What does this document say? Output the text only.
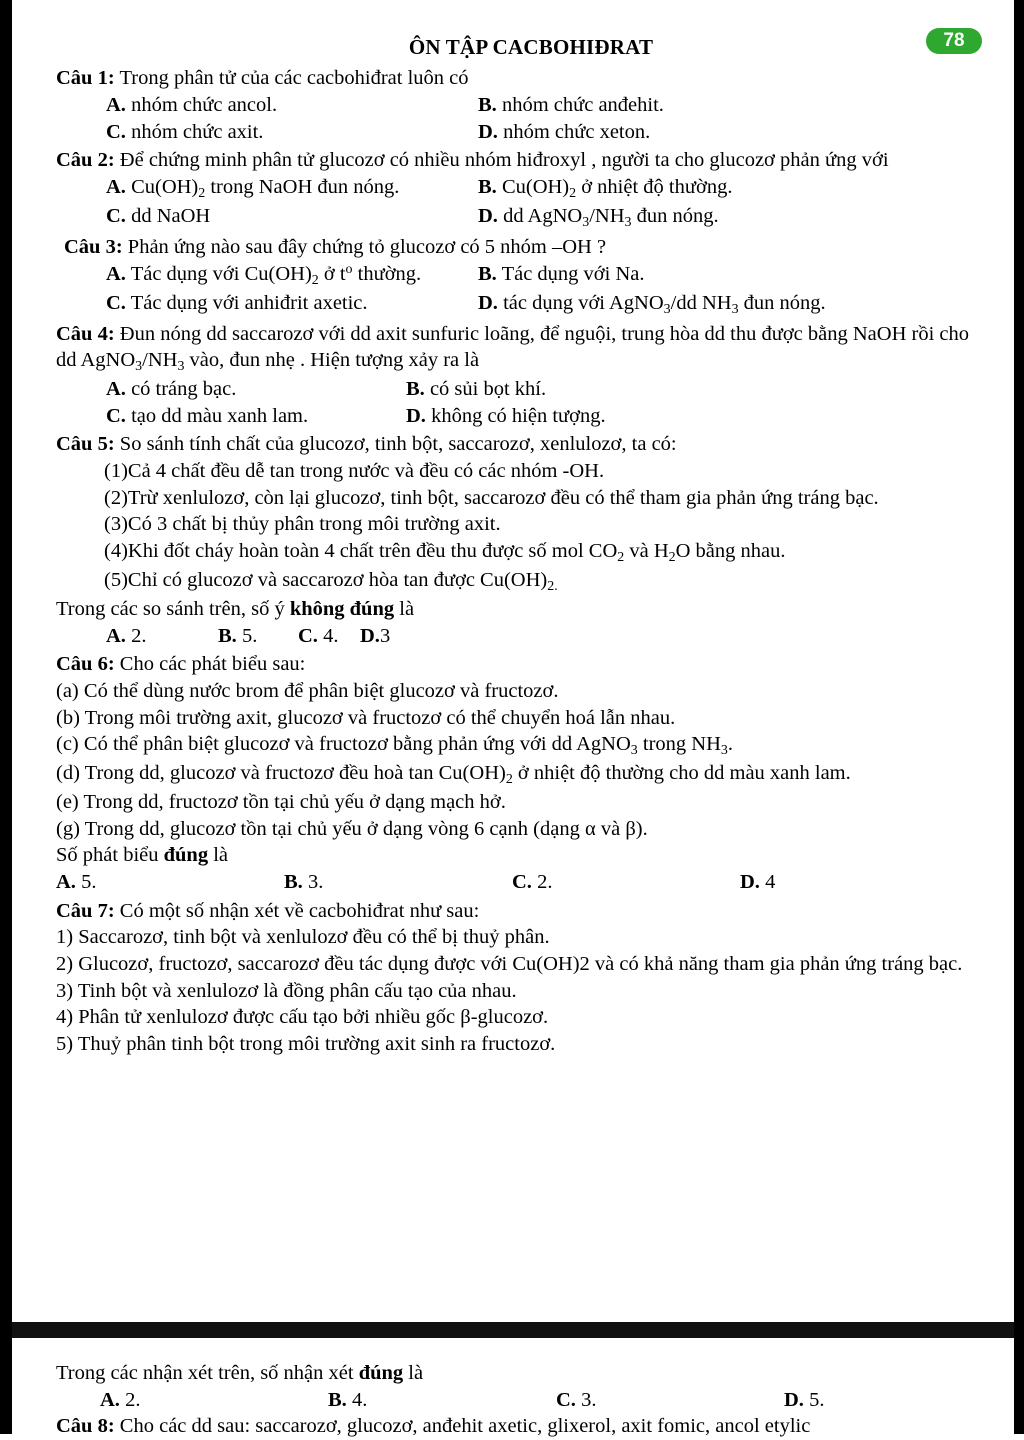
78
ÔN TẬP CACBOHIĐRAT
Câu 1: Trong phân tử của các cacbohiđrat luôn có
A. nhóm chức ancol.	B. nhóm chức anđehit.
C. nhóm chức axit.	D. nhóm chức xeton.
Câu 2: Để chứng minh phân tử glucozơ có nhiều nhóm hiđroxyl , người ta cho glucozơ phản ứng với
A. $Cu(OH)_2$ trong NaOH đun nóng.	B. $Cu(OH)_2$ ở nhiệt độ thường.
C. dd NaOH	D. dd $AgNO_3/NH_3$ đun nóng.
Câu 3: Phản ứng nào sau đây chứng tỏ glucozơ có 5 nhóm –OH ?
A. Tác dụng với $Cu(OH)_2$ ở $t^o$ thường.	B. Tác dụng với Na.
C. Tác dụng với anhiđrit axetic.	D. tác dụng với AgNO$_3$/dd $NH_3$ đun nóng.
Câu 4: Đun nóng dd saccarozơ với dd axit sunfuric loãng, để nguội, trung hòa dd thu được bằng NaOH rồi cho dd $AgNO_3/NH_3$ vào, đun nhẹ . Hiện tượng xảy ra là
A. có tráng bạc.	B. có sủi bọt khí.
C. tạo dd màu xanh lam.	D. không có hiện tượng.
Câu 5: So sánh tính chất của glucozơ, tinh bột, saccarozơ, xenlulozơ, ta có:
(1)Cả 4 chất đều dễ tan trong nước và đều có các nhóm -OH.
(2)Trừ xenlulozơ, còn lại glucozơ, tinh bột, saccarozơ đều có thể tham gia phản ứng tráng bạc.
(3)Có 3 chất bị thủy phân trong môi trường axit.
(4)Khi đốt cháy hoàn toàn 4 chất trên đều thu được số mol $CO_2$ và $H_2O$ bằng nhau.
(5)Chỉ có glucozơ và saccarozơ hòa tan được $Cu(OH)_{2.}$
Trong các so sánh trên, số ý không đúng là
A. 2.	B. 5.	C. 4.	D.3
Câu 6: Cho các phát biểu sau:
(a) Có thể dùng nước brom để phân biệt glucozơ và fructozơ.
(b) Trong môi trường axit, glucozơ và fructozơ có thể chuyển hoá lẫn nhau.
(c) Có thể phân biệt glucozơ và fructozơ bằng phản ứng với dd AgNO$_3$ trong $NH_3$.
(d) Trong dd, glucozơ và fructozơ đều hoà $\tan Cu(OH)_2$ ở nhiệt độ thường cho dd màu xanh lam.
(e) Trong dd, fructozơ tồn tại chủ yếu ở dạng mạch hở.
(g) Trong dd, glucozơ tồn tại chủ yếu ở dạng vòng 6 cạnh (dạng α và β).
Số phát biểu đúng là
A. 5.	B. 3.	C. 2.	D. 4
Câu 7: Có một số nhận xét về cacbohiđrat như sau:
1) Saccarozơ, tinh bột và xenlulozơ đều có thể bị thuỷ phân.
2) Glucozơ, fructozơ, saccarozơ đều tác dụng được với Cu(OH)2 và có khả năng tham gia phản ứng tráng bạc.
3) Tinh bột và xenlulozơ là đồng phân cấu tạo của nhau.
4) Phân tử xenlulozơ được cấu tạo bởi nhiều gốc β-glucozơ.
5) Thuỷ phân tinh bột trong môi trường axit sinh ra fructozơ.
Trong các nhận xét trên, số nhận xét đúng là
A. 2.	B. 4.	C. 3.	D. 5.
Câu 8: Cho các dd sau: saccarozơ, glucozơ, anđehit axetic, glixerol, axit fomic, ancol etylic
